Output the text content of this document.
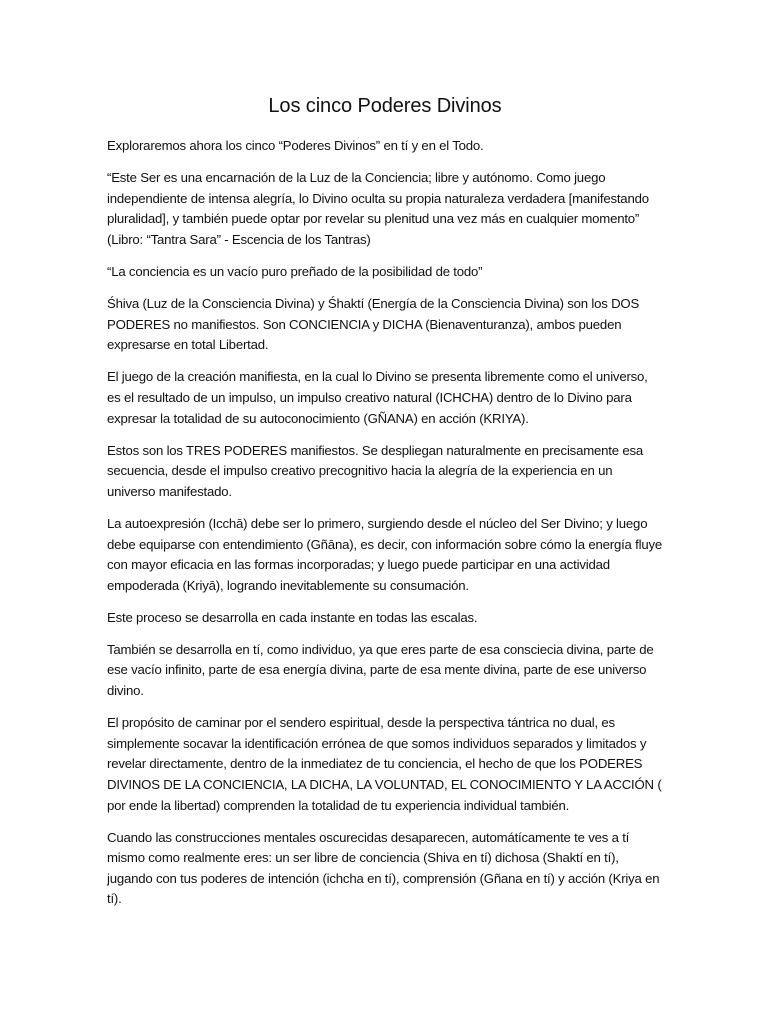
Los cinco Poderes Divinos

Exploraremos ahora los cinco “Poderes Divinos” en tí y en el Todo.

“Este Ser es una encarnación de la Luz de la Conciencia; libre y autónomo. Como juego independiente de intensa alegría, lo Divino oculta su propia naturaleza verdadera [manifestando pluralidad], y también puede optar por revelar su plenitud una vez más en cualquier momento” (Libro: “Tantra Sara” - Escencia de los Tantras)

“La conciencia es un vacío puro preñado de la posibilidad de todo”

Śhiva (Luz de la Consciencia Divina) y Śhaktí (Energía de la Consciencia Divina) son los DOS PODERES no manifiestos. Son CONCIENCIA y DICHA (Bienaventuranza), ambos pueden expresarse en total Libertad.

El juego de la creación manifiesta, en la cual lo Divino se presenta libremente como el universo, es el resultado de un impulso, un impulso creativo natural (ICHCHA) dentro de lo Divino para expresar la totalidad de su autoconocimiento (GÑANA) en acción (KRIYA).

Estos son los TRES PODERES manifiestos. Se despliegan naturalmente en precisamente esa secuencia, desde el impulso creativo precognitivo hacia la alegría de la experiencia en un universo manifestado.

La autoexpresión (Icchā) debe ser lo primero, surgiendo desde el núcleo del Ser Divino; y luego debe equiparse con entendimiento (Gñāna), es decir, con información sobre cómo la energía fluye con mayor eficacia en las formas incorporadas; y luego puede participar en una actividad empoderada (Kriyā), logrando inevitablemente su consumación.

Este proceso se desarrolla en cada instante en todas las escalas.

También se desarrolla en tí, como individuo, ya que eres parte de esa consciecia divina, parte de ese vacío infinito, parte de esa energía divina, parte de esa mente divina, parte de ese universo divino.

El propósito de caminar por el sendero espiritual, desde la perspectiva tántrica no dual, es simplemente socavar la identificación errónea de que somos individuos separados y limitados y revelar directamente, dentro de la inmediatez de tu conciencia, el hecho de que los PODERES DIVINOS DE LA CONCIENCIA, LA DICHA, LA VOLUNTAD, EL CONOCIMIENTO Y LA ACCIÓN ( por ende la libertad) comprenden la totalidad de tu experiencia individual también.

Cuando las construcciones mentales oscurecidas desaparecen, automátícamente te ves a tí mismo como realmente eres: un ser libre de conciencia (Shiva en tí) dichosa (Shaktí en tí), jugando con tus poderes de intención (ichcha en tí), comprensión (Gñana en tí) y acción (Kriya en tí).
